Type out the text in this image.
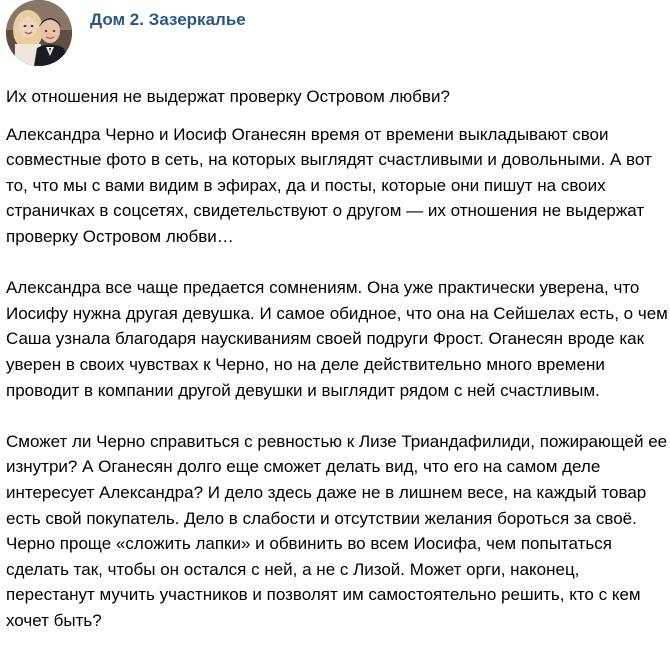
Дом 2. Зазеркалье

Их отношения не выдержат проверку Островом любви?

Александра Черно и Иосиф Оганесян время от времени выкладывают свои совместные фото в сеть, на которых выглядят счастливыми и довольными. А вот то, что мы с вами видим в эфирах, да и посты, которые они пишут на своих страничках в соцсетях, свидетельствуют о другом — их отношения не выдержат проверку Островом любви…

Александра все чаще предается сомнениям. Она уже практически уверена, что Иосифу нужна другая девушка. И самое обидное, что она на Сейшелах есть, о чем Саша узнала благодаря наускиваниям своей подруги Фрост. Оганесян вроде как уверен в своих чувствах к Черно, но на деле действительно много времени проводит в компании другой девушки и выглядит рядом с ней счастливым.

Сможет ли Черно справиться с ревностью к Лизе Триандафилиди, пожирающей ее изнутри? А Оганесян долго еще сможет делать вид, что его на самом деле интересует Александра? И дело здесь даже не в лишнем весе, на каждый товар есть свой покупатель. Дело в слабости и отсутствии желания бороться за своё. Черно проще «сложить лапки» и обвинить во всем Иосифа, чем попытаться сделать так, чтобы он остался с ней, а не с Лизой. Может орги, наконец, перестанут мучить участников и позволят им самостоятельно решить, кто с кем хочет быть?
